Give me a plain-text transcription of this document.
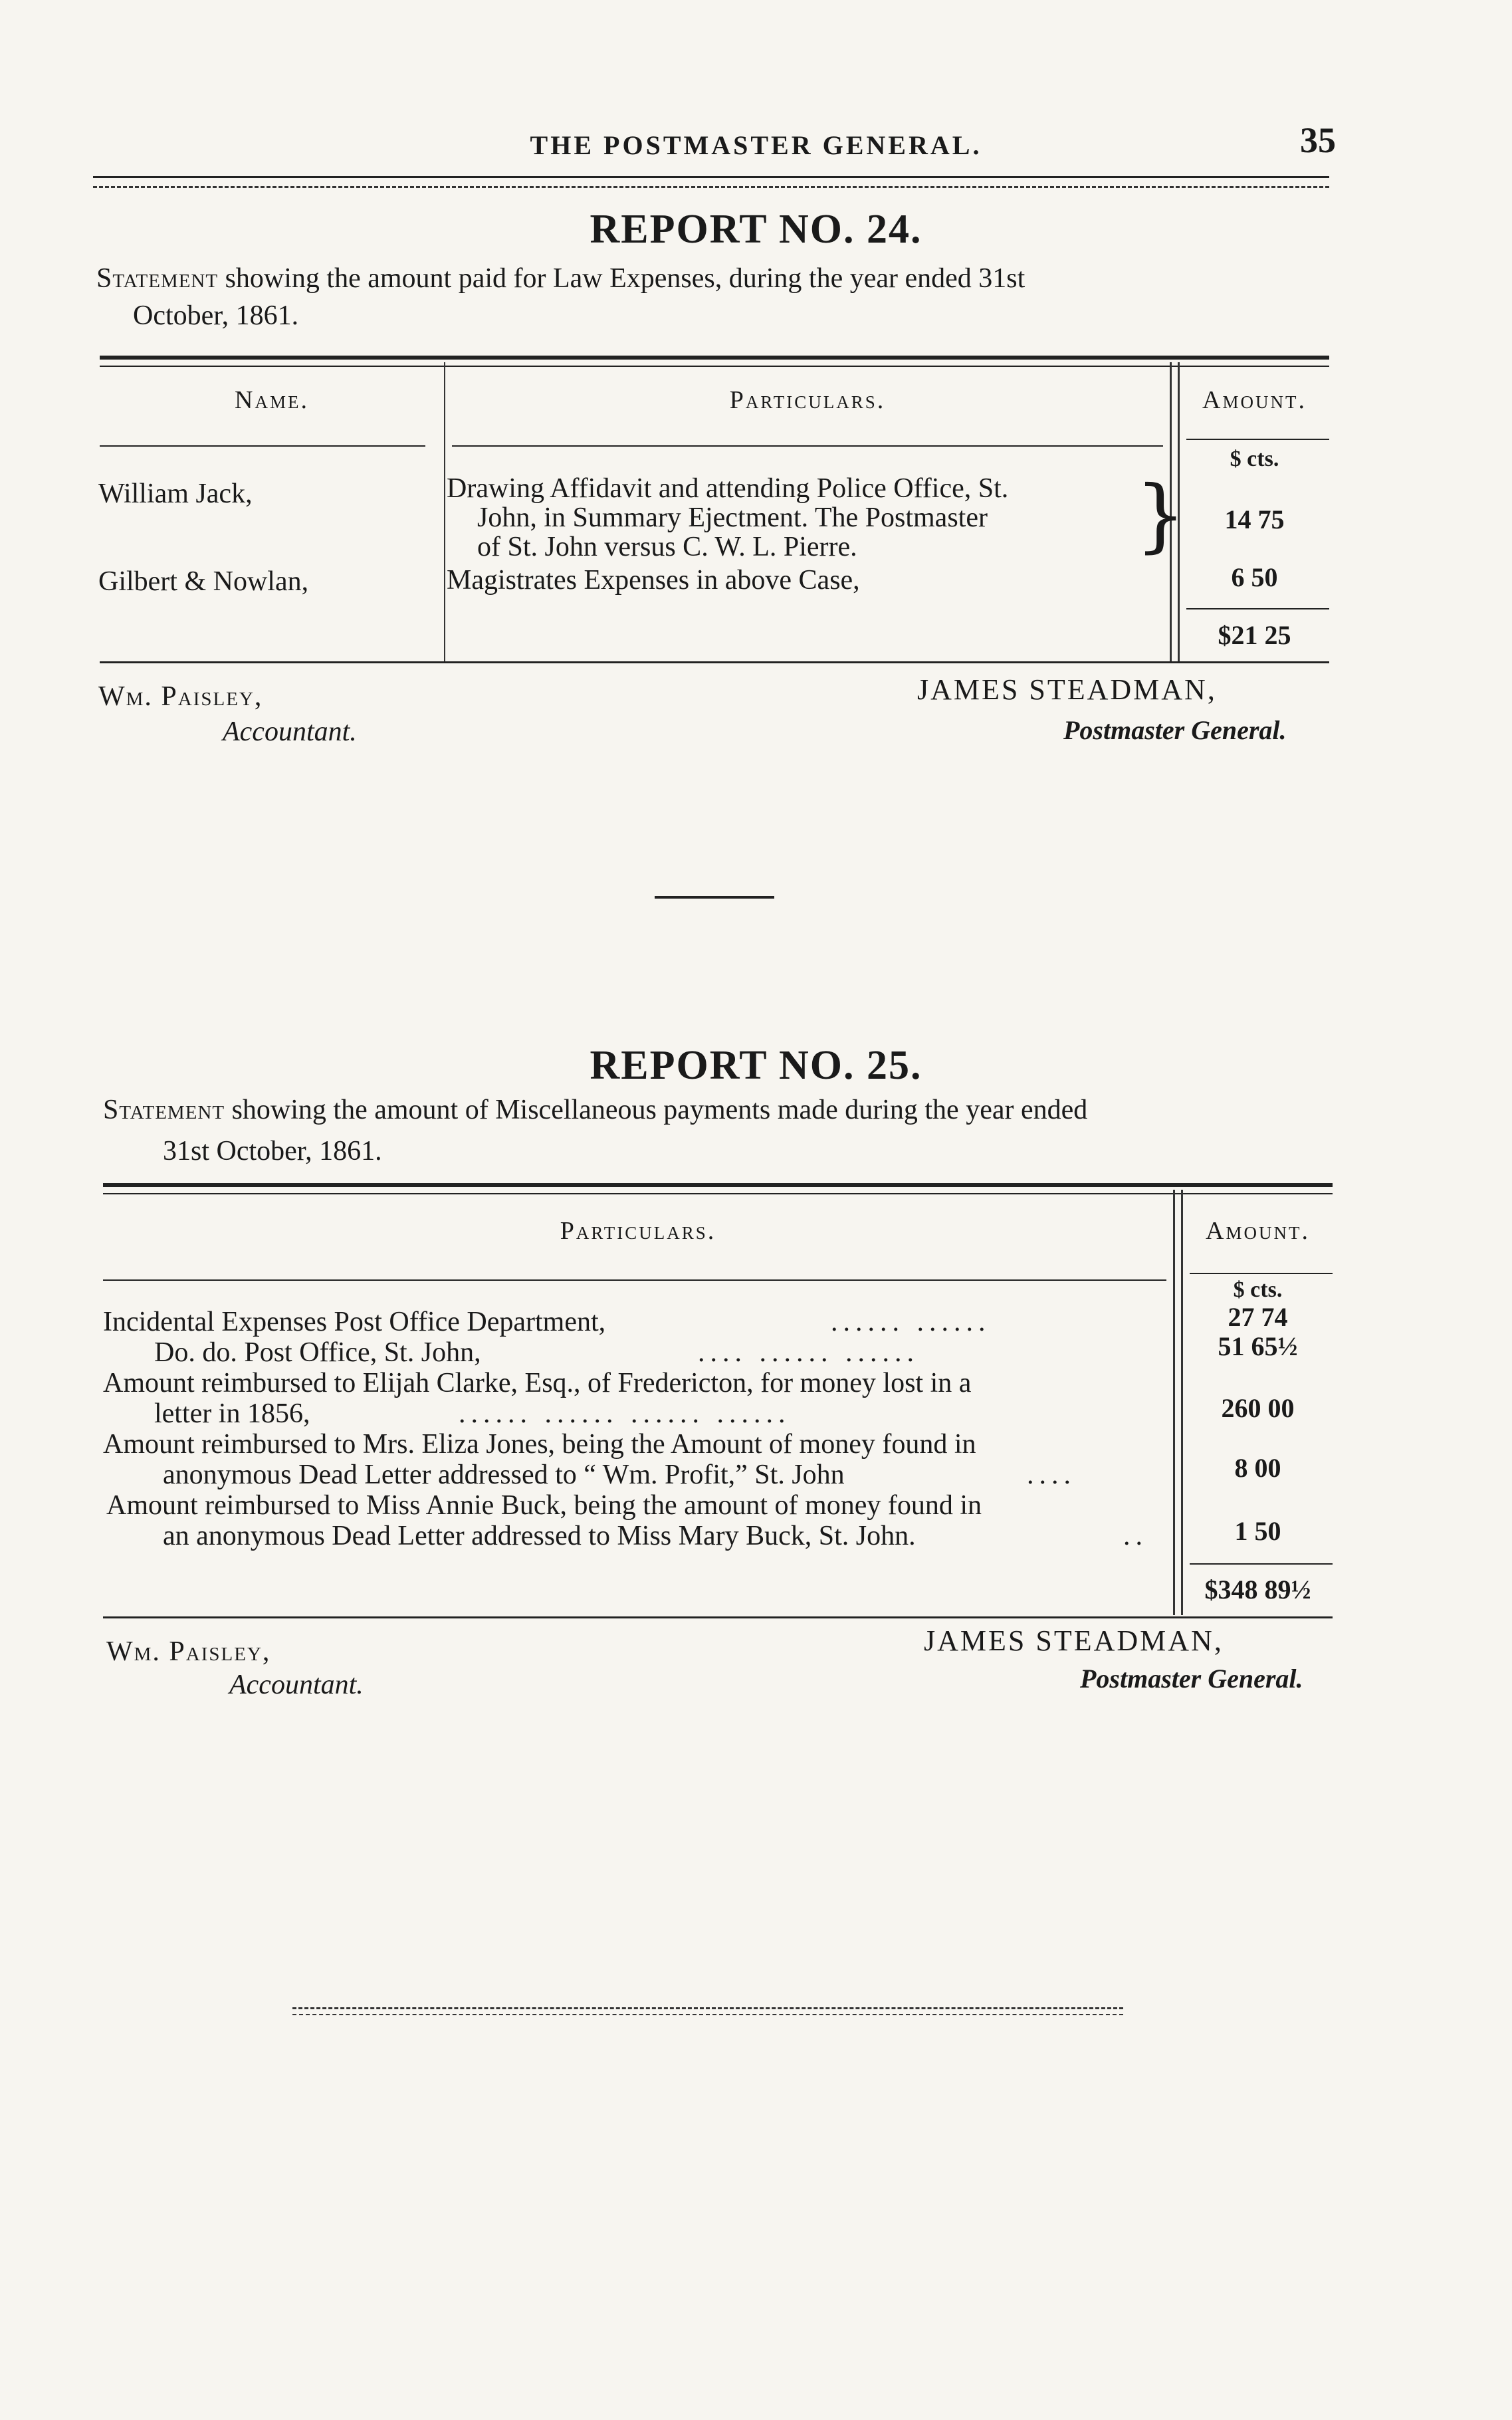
THE POSTMASTER GENERAL.	35
REPORT NO. 24.
Statement showing the amount paid for Law Expenses, during the year ended 31st
October, 1861.
Name.	Particulars.	Amount.
$ cts.
William Jack,	Drawing Affidavit and attending Police Office, St.
John, in Summary Ejectment. The Postmaster
of St. John versus C. W. L. Pierre.	}	14 75
Gilbert & Nowlan,	Magistrates Expenses in above Case,	6 50
$21 25
Wm. Paisley,
Accountant.
JAMES STEADMAN,
Postmaster General.
REPORT NO. 25.
Statement showing the amount of Miscellaneous payments made during the year ended
31st October, 1861.
Particulars.	Amount.
$ cts.
Incidental Expenses Post Office Department,	...... ......	27 74
Do. do. Post Office, St. John,	.... ...... ......	51 65½
Amount reimbursed to Elijah Clarke, Esq., of Fredericton, for money lost in a
letter in 1856,	...... ...... ...... ......	260 00
Amount reimbursed to Mrs. Eliza Jones, being the Amount of money found in
anonymous Dead Letter addressed to “ Wm. Profit,” St. John	....	8 00
Amount reimbursed to Miss Annie Buck, being the amount of money found in
an anonymous Dead Letter addressed to Miss Mary Buck, St. John.	..	1 50
$348 89½
Wm. Paisley,
Accountant.
JAMES STEADMAN,
Postmaster General.
